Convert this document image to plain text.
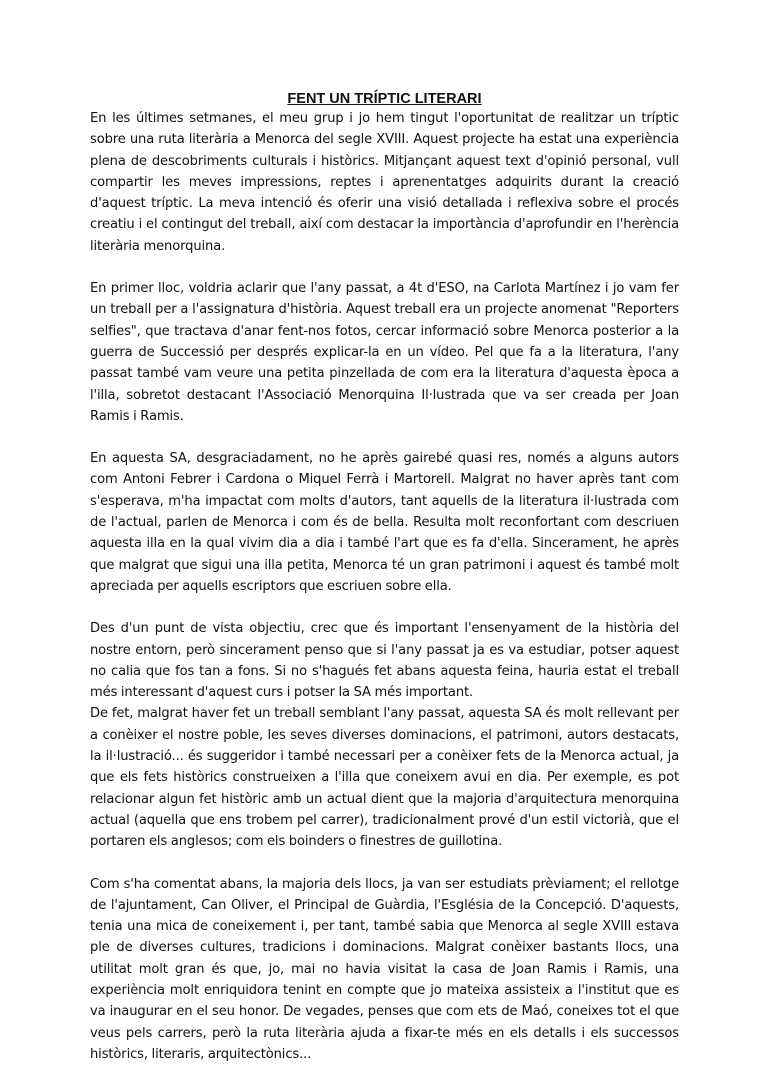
FENT UN TRÍPTIC LITERARI

En les últimes setmanes, el meu grup i jo hem tingut l'oportunitat de realitzar un tríptic sobre una ruta literària a Menorca del segle XVIII. Aquest projecte ha estat una experiència plena de descobriments culturals i històrics. Mitjançant aquest text d'opinió personal, vull compartir les meves impressions, reptes i aprenentatges adquirits durant la creació d'aquest tríptic. La meva intenció és oferir una visió detallada i reflexiva sobre el procés creatiu i el contingut del treball, així com destacar la importància d'aprofundir en l'herència literària menorquina.

En primer lloc, voldria aclarir que l'any passat, a 4t d'ESO, na Carlota Martínez i jo vam fer un treball per a l'assignatura d'història. Aquest treball era un projecte anomenat "Reporters selfies", que tractava d'anar fent-nos fotos, cercar informació sobre Menorca posterior a la guerra de Successió per després explicar-la en un vídeo. Pel que fa a la literatura, l'any passat també vam veure una petita pinzellada de com era la literatura d'aquesta època a l'illa, sobretot destacant l'Associació Menorquina Il·lustrada que va ser creada per Joan Ramis i Ramis.

En aquesta SA, desgraciadament, no he après gairebé quasi res, només a alguns autors com Antoni Febrer i Cardona o Miquel Ferrà i Martorell. Malgrat no haver après tant com s'esperava, m'ha impactat com molts d'autors, tant aquells de la literatura il·lustrada com de l'actual, parlen de Menorca i com és de bella. Resulta molt reconfortant com descriuen aquesta illa en la qual vivim dia a dia i també l'art que es fa d'ella. Sincerament, he après que malgrat que sigui una illa petita, Menorca té un gran patrimoni i aquest és també molt apreciada per aquells escriptors que escriuen sobre ella.

Des d'un punt de vista objectiu, crec que és important l'ensenyament de la història del nostre entorn, però sincerament penso que si l'any passat ja es va estudiar, potser aquest no calia que fos tan a fons. Si no s'hagués fet abans aquesta feina, hauria estat el treball més interessant d'aquest curs i potser la SA més important.

De fet, malgrat haver fet un treball semblant l'any passat, aquesta SA és molt rellevant per a conèixer el nostre poble, les seves diverses dominacions, el patrimoni, autors destacats, la il·lustració... és suggeridor i també necessari per a conèixer fets de la Menorca actual, ja que els fets històrics construeixen a l'illa que coneixem avui en dia. Per exemple, es pot relacionar algun fet històric amb un actual dient que la majoria d'arquitectura menorquina actual (aquella que ens trobem pel carrer), tradicionalment prové d'un estil victorià, que el portaren els anglesos; com els boinders o finestres de guillotina.

Com s'ha comentat abans, la majoria dels llocs, ja van ser estudiats prèviament; el rellotge de l'ajuntament, Can Oliver, el Principal de Guàrdia, l'Església de la Concepció. D'aquests, tenia una mica de coneixement i, per tant, també sabia que Menorca al segle XVIII estava ple de diverses cultures, tradicions i dominacions. Malgrat conèixer bastants llocs, una utilitat molt gran és que, jo, mai no havia visitat la casa de Joan Ramis i Ramis, una experiència molt enriquidora tenint en compte que jo mateixa assisteix a l'institut que es va inaugurar en el seu honor. De vegades, penses que com ets de Maó, coneixes tot el que veus pels carrers, però la ruta literària ajuda a fixar-te més en els detalls i els successos històrics, literaris, arquitectònics...
